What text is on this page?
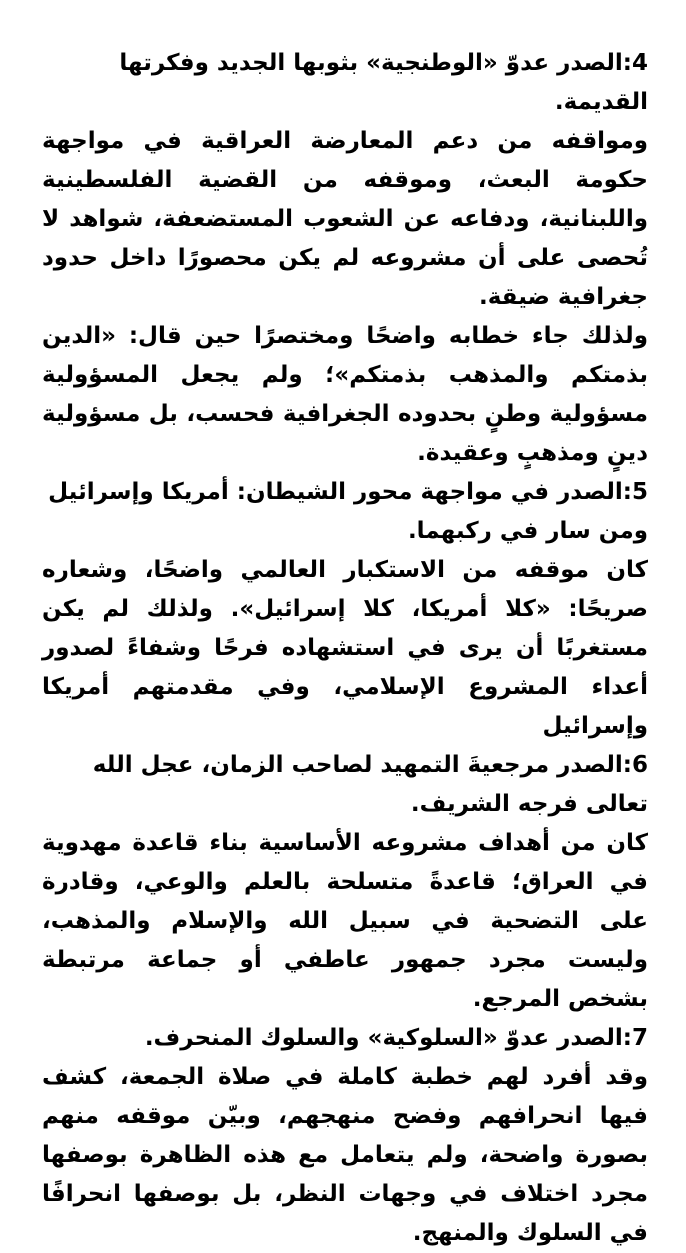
4:الصدر عدوّ «الوطنجية» بثوبها الجديد وفكرتها القديمة.

ومواقفه من دعم المعارضة العراقية في مواجهة حكومة البعث، وموقفه من القضية الفلسطينية واللبنانية، ودفاعه عن الشعوب المستضعفة، شواهد لا تُحصى على أن مشروعه لم يكن محصورًا داخل حدود جغرافية ضيقة.

ولذلك جاء خطابه واضحًا ومختصرًا حين قال: «الدين بذمتكم والمذهب بذمتكم»؛ ولم يجعل المسؤولية مسؤولية وطنٍ بحدوده الجغرافية فحسب، بل مسؤولية دينٍ ومذهبٍ وعقيدة.

5:الصدر في مواجهة محور الشيطان: أمريكا وإسرائيل ومن سار في ركبهما.

كان موقفه من الاستكبار العالمي واضحًا، وشعاره صريحًا: «كلا أمريكا، كلا إسرائيل». ولذلك لم يكن مستغربًا أن يرى في استشهاده فرحًا وشفاءً لصدور أعداء المشروع الإسلامي، وفي مقدمتهم أمريكا وإسرائيل

6:الصدر مرجعيةَ التمهيد لصاحب الزمان، عجل الله تعالى فرجه الشريف.

كان من أهداف مشروعه الأساسية بناء قاعدة مهدوية في العراق؛ قاعدةً متسلحة بالعلم والوعي، وقادرة على التضحية في سبيل الله والإسلام والمذهب، وليست مجرد جمهور عاطفي أو جماعة مرتبطة بشخص المرجع.

7:الصدر عدوّ «السلوكية» والسلوك المنحرف.

وقد أفرد لهم خطبة كاملة في صلاة الجمعة، كشف فيها انحرافهم وفضح منهجهم، وبيّن موقفه منهم بصورة واضحة، ولم يتعامل مع هذه الظاهرة بوصفها مجرد اختلاف في وجهات النظر، بل بوصفها انحرافًا في السلوك والمنهج.
